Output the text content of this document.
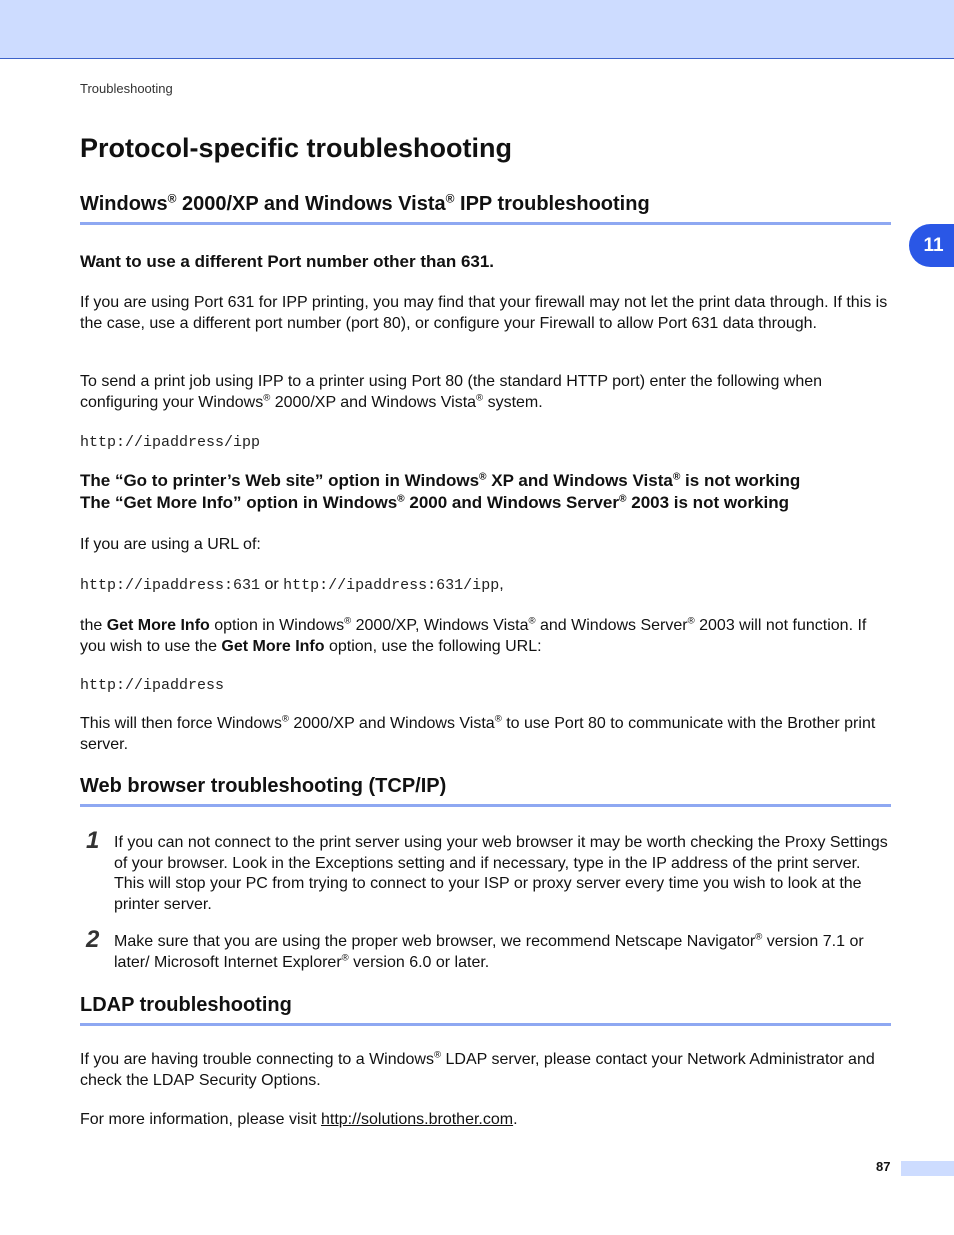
Troubleshooting
11
Protocol-specific troubleshooting
Windows® 2000/XP and Windows Vista® IPP troubleshooting
Want to use a different Port number other than 631.

If you are using Port 631 for IPP printing, you may find that your firewall may not let the print data through. If this is the case, use a different port number (port 80), or configure your Firewall to allow Port 631 data through.

To send a print job using IPP to a printer using Port 80 (the standard HTTP port) enter the following when configuring your Windows® 2000/XP and Windows Vista® system.

http://ipaddress/ipp
The “Go to printer’s Web site” option in Windows® XP and Windows Vista® is not working
The “Get More Info” option in Windows® 2000 and Windows Server® 2003 is not working

If you are using a URL of:

http://ipaddress:631 or http://ipaddress:631/ipp,

the Get More Info option in Windows® 2000/XP, Windows Vista® and Windows Server® 2003 will not function. If you wish to use the Get More Info option, use the following URL:

http://ipaddress

This will then force Windows® 2000/XP and Windows Vista® to use Port 80 to communicate with the Brother print server.

Web browser troubleshooting (TCP/IP)
1 If you can not connect to the print server using your web browser it may be worth checking the Proxy Settings of your browser. Look in the Exceptions setting and if necessary, type in the IP address of the print server. This will stop your PC from trying to connect to your ISP or proxy server every time you wish to look at the printer server.
2 Make sure that you are using the proper web browser, we recommend Netscape Navigator® version 7.1 or later/ Microsoft Internet Explorer® version 6.0 or later.
LDAP troubleshooting

If you are having trouble connecting to a Windows® LDAP server, please contact your Network Administrator and check the LDAP Security Options.

For more information, please visit http://solutions.brother.com.

87
